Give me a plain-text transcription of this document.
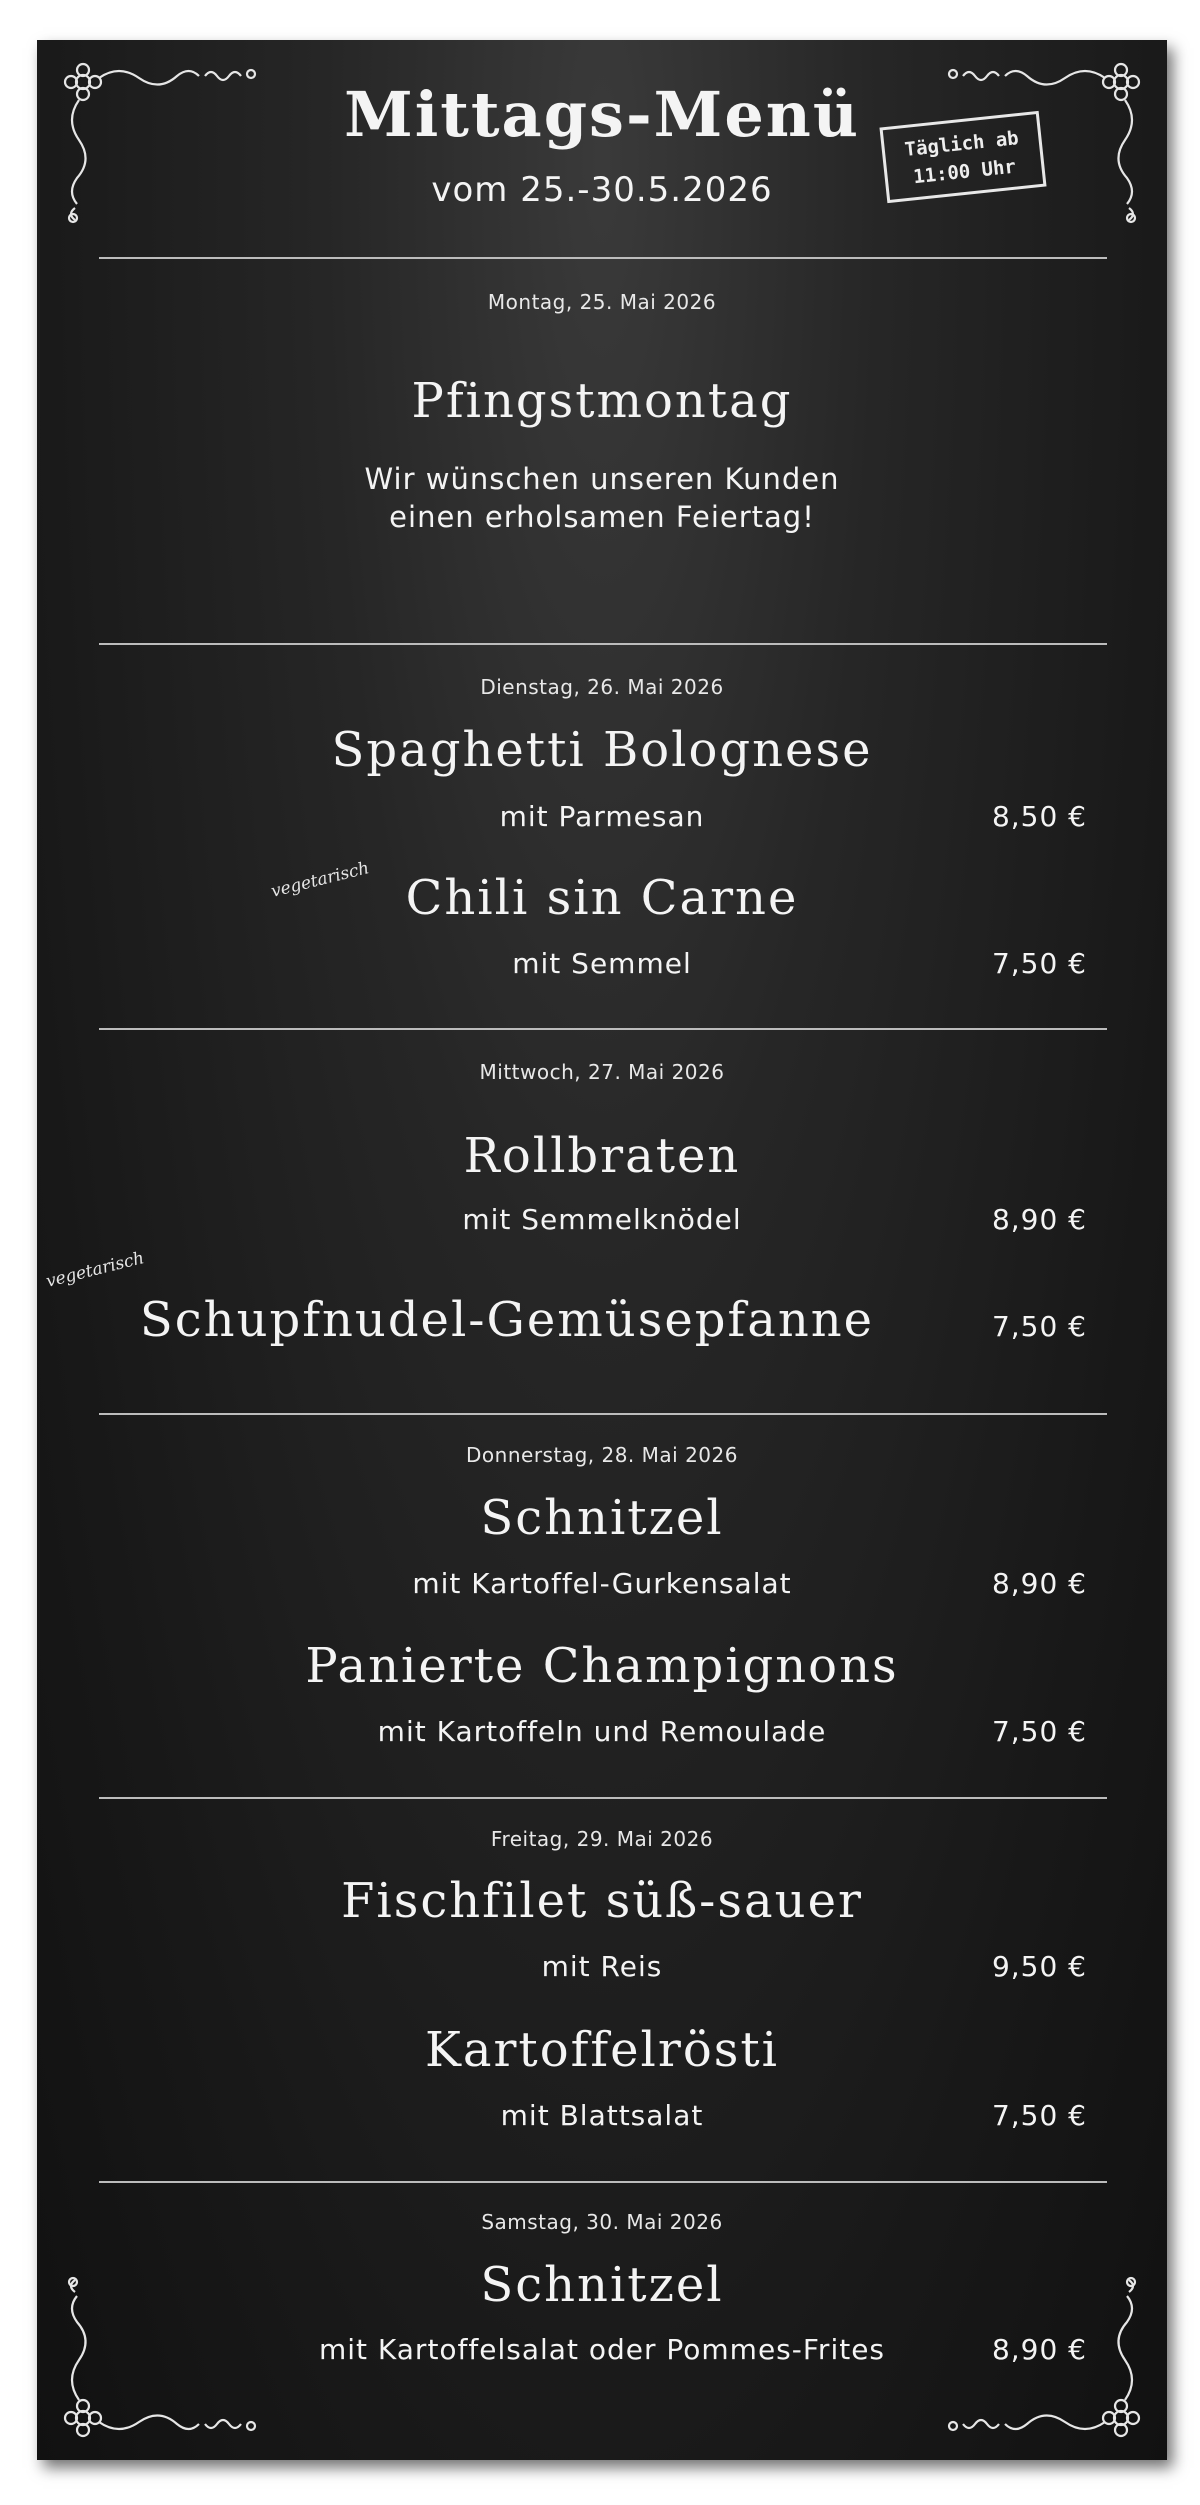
Mittags-Menü
vom 25.-30.5.2026
Täglich ab
11:00 Uhr
Montag, 25. Mai 2026
Pfingstmontag
Wir wünschen unseren Kunden
einen erholsamen Feiertag!
Dienstag, 26. Mai 2026
Spaghetti Bolognese
mit Parmesan	8,50 €
vegetarisch Chili sin Carne
mit Semmel	7,50 €
Mittwoch, 27. Mai 2026
Rollbraten
mit Semmelknödel	8,90 €
vegetarisch
Schupfnudel-Gemüsepfanne	7,50 €
Donnerstag, 28. Mai 2026
Schnitzel
mit Kartoffel-Gurkensalat	8,90 €
Panierte Champignons
mit Kartoffeln und Remoulade	7,50 €
Freitag, 29. Mai 2026
Fischfilet süß-sauer
mit Reis	9,50 €
Kartoffelrösti
mit Blattsalat	7,50 €
Samstag, 30. Mai 2026
Schnitzel
mit Kartoffelsalat oder Pommes-Frites	8,90 €
